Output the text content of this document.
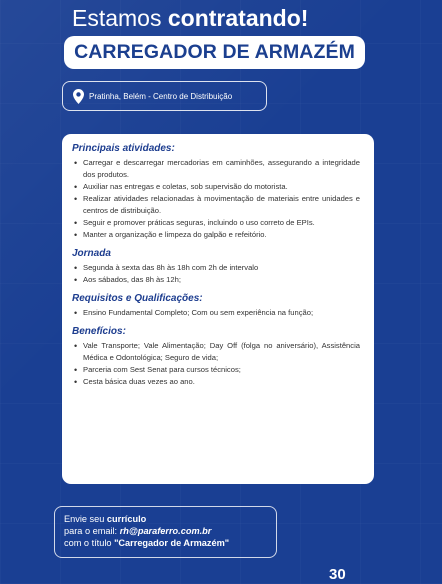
Estamos contratando!
CARREGADOR DE ARMAZÉM
Pratinha, Belém - Centro de Distribuição
Principais atividades:
• Carregar e descarregar mercadorias em caminhões, assegurando a integridade dos produtos.
• Auxiliar nas entregas e coletas, sob supervisão do motorista.
• Realizar atividades relacionadas à movimentação de materiais entre unidades e centros de distribuição.
• Seguir e promover práticas seguras, incluindo o uso correto de EPIs.
• Manter a organização e limpeza do galpão e refeitório.
Jornada
• Segunda à sexta das 8h às 18h com 2h de intervalo
• Aos sábados, das 8h às 12h;
Requisitos e Qualificações:
• Ensino Fundamental Completo; Com ou sem experiência na função;
Benefícios:
• Vale Transporte; Vale Alimentação; Day Off (folga no aniversário), Assistência Médica e Odontológica; Seguro de vida;
• Parceria com Sest Senat para cursos técnicos;
• Cesta básica duas vezes ao ano.
Envie seu currículo
para o email: rh@paraferro.com.br
com o título "Carregador de Armazém"
30
